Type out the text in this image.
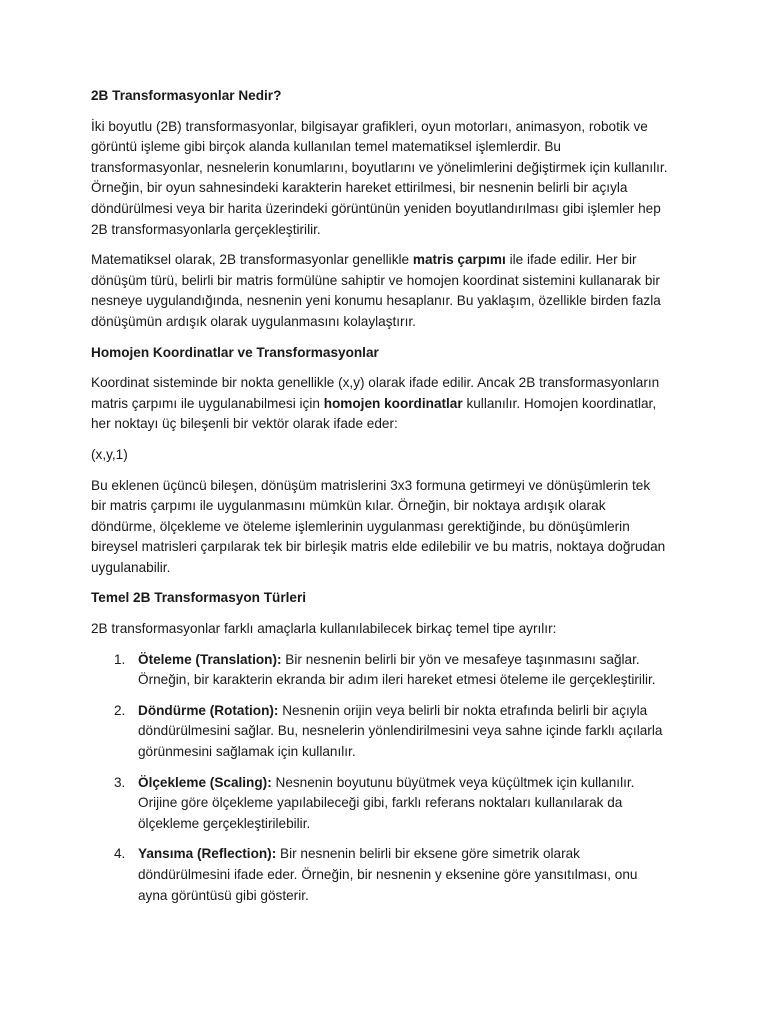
2B Transformasyonlar Nedir?

İki boyutlu (2B) transformasyonlar, bilgisayar grafikleri, oyun motorları, animasyon, robotik ve görüntü işleme gibi birçok alanda kullanılan temel matematiksel işlemlerdir. Bu transformasyonlar, nesnelerin konumlarını, boyutlarını ve yönelimlerini değiştirmek için kullanılır. Örneğin, bir oyun sahnesindeki karakterin hareket ettirilmesi, bir nesnenin belirli bir açıyla döndürülmesi veya bir harita üzerindeki görüntünün yeniden boyutlandırılması gibi işlemler hep 2B transformasyonlarla gerçekleştirilir.

Matematiksel olarak, 2B transformasyonlar genellikle matris çarpımı ile ifade edilir. Her bir dönüşüm türü, belirli bir matris formülüne sahiptir ve homojen koordinat sistemini kullanarak bir nesneye uygulandığında, nesnenin yeni konumu hesaplanır. Bu yaklaşım, özellikle birden fazla dönüşümün ardışık olarak uygulanmasını kolaylaştırır.

Homojen Koordinatlar ve Transformasyonlar

Koordinat sisteminde bir nokta genellikle (x,y) olarak ifade edilir. Ancak 2B transformasyonların matris çarpımı ile uygulanabilmesi için homojen koordinatlar kullanılır. Homojen koordinatlar, her noktayı üç bileşenli bir vektör olarak ifade eder:

(x,y,1)

Bu eklenen üçüncü bileşen, dönüşüm matrislerini 3x3 formuna getirmeyi ve dönüşümlerin tek bir matris çarpımı ile uygulanmasını mümkün kılar. Örneğin, bir noktaya ardışık olarak döndürme, ölçekleme ve öteleme işlemlerinin uygulanması gerektiğinde, bu dönüşümlerin bireysel matrisleri çarpılarak tek bir birleşik matris elde edilebilir ve bu matris, noktaya doğrudan uygulanabilir.

Temel 2B Transformasyon Türleri

2B transformasyonlar farklı amaçlarla kullanılabilecek birkaç temel tipe ayrılır:

1. Öteleme (Translation): Bir nesnenin belirli bir yön ve mesafeye taşınmasını sağlar. Örneğin, bir karakterin ekranda bir adım ileri hareket etmesi öteleme ile gerçekleştirilir.
2. Döndürme (Rotation): Nesnenin orijin veya belirli bir nokta etrafında belirli bir açıyla döndürülmesini sağlar. Bu, nesnelerin yönlendirilmesini veya sahne içinde farklı açılarla görünmesini sağlamak için kullanılır.
3. Ölçekleme (Scaling): Nesnenin boyutunu büyütmek veya küçültmek için kullanılır. Orijine göre ölçekleme yapılabileceği gibi, farklı referans noktaları kullanılarak da ölçekleme gerçekleştirilebilir.
4. Yansıma (Reflection): Bir nesnenin belirli bir eksene göre simetrik olarak döndürülmesini ifade eder. Örneğin, bir nesnenin y eksenine göre yansıtılması, onu ayna görüntüsü gibi gösterir.
